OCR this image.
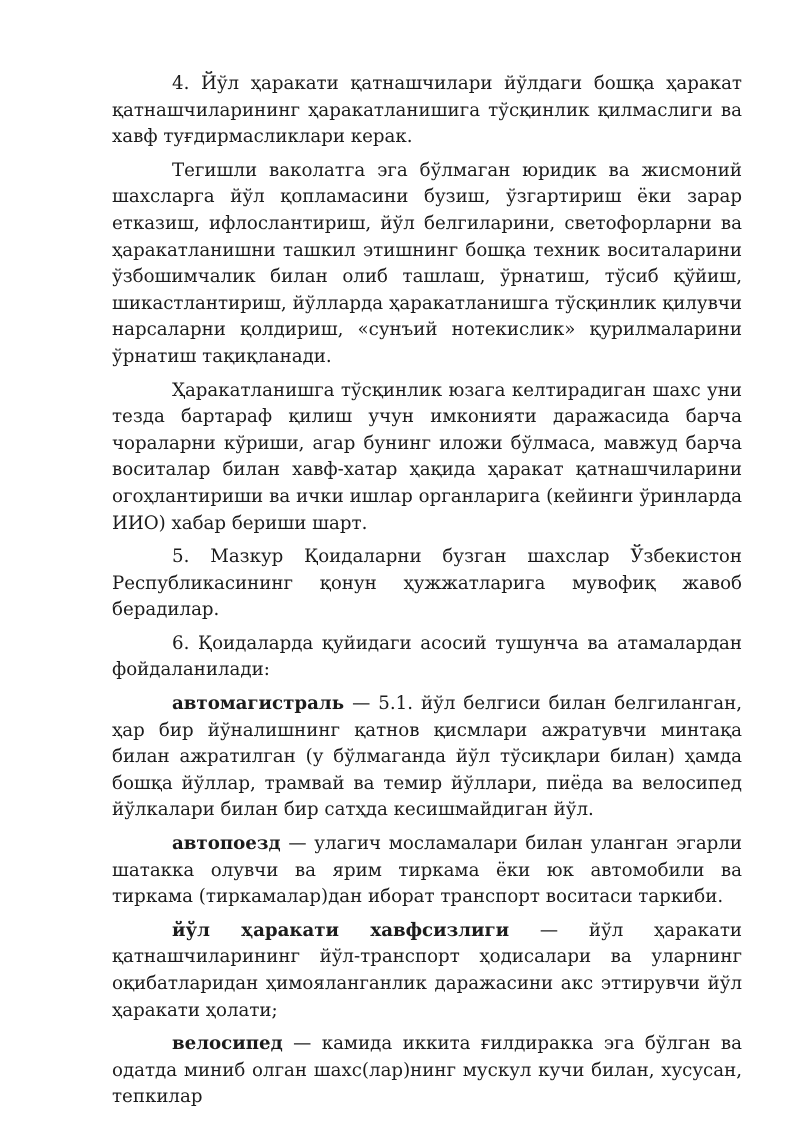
4. Йўл ҳаракати қатнашчилари йўлдаги бошқа ҳаракат қатнашчиларининг ҳаракатланишига тўсқинлик қилмаслиги ва хавф туғдирмасликлари керак.

Тегишли ваколатга эга бўлмаган юридик ва жисмоний шахсларга йўл қопламасини бузиш, ўзгартириш ёки зарар етказиш, ифлослантириш, йўл белгиларини, светофорларни ва ҳаракатланишни ташкил этишнинг бошқа техник воситаларини ўзбошимчалик билан олиб ташлаш, ўрнатиш, тўсиб қўйиш, шикастлантириш, йўлларда ҳаракатланишга тўсқинлик қилувчи нарсаларни қолдириш, «сунъий нотекислик» қурилмаларини ўрнатиш тақиқланади.

Ҳаракатланишга тўсқинлик юзага келтирадиган шахс уни тезда бартараф қилиш учун имконияти даражасида барча чораларни кўриши, агар бунинг иложи бўлмаса, мавжуд барча воситалар билан хавф-хатар ҳақида ҳаракат қатнашчиларини огоҳлантириши ва ички ишлар органларига (кейинги ўринларда ИИО) хабар бериши шарт.

5. Мазкур Қоидаларни бузган шахслар Ўзбекистон Республикасининг қонун ҳужжатларига мувофиқ жавоб берадилар.

6. Қоидаларда қуйидаги асосий тушунча ва атамалардан фойдаланилади:

автомагистраль — 5.1. йўл белгиси билан белгиланган, ҳар бир йўналишнинг қатнов қисмлари ажратувчи минтақа билан ажратилган (у бўлмаганда йўл тўсиқлари билан) ҳамда бошқа йўллар, трамвай ва темир йўллари, пиёда ва велосипед йўлкалари билан бир сатҳда кесишмайдиган йўл.

автопоезд — улагич мосламалари билан уланган эгарли шатакка олувчи ва ярим тиркама ёки юк автомобили ва тиркама (тиркамалар)дан иборат транспорт воситаси таркиби.

йўл ҳаракати хавфсизлиги — йўл ҳаракати қатнашчиларининг йўл-транспорт ҳодисалари ва уларнинг оқибатларидан ҳимояланганлик даражасини акс эттирувчи йўл ҳаракати ҳолати;

велосипед — камида иккита ғилдиракка эга бўлган ва одатда миниб олган шахс(лар)нинг мускул кучи билан, хусусан, тепкилар
